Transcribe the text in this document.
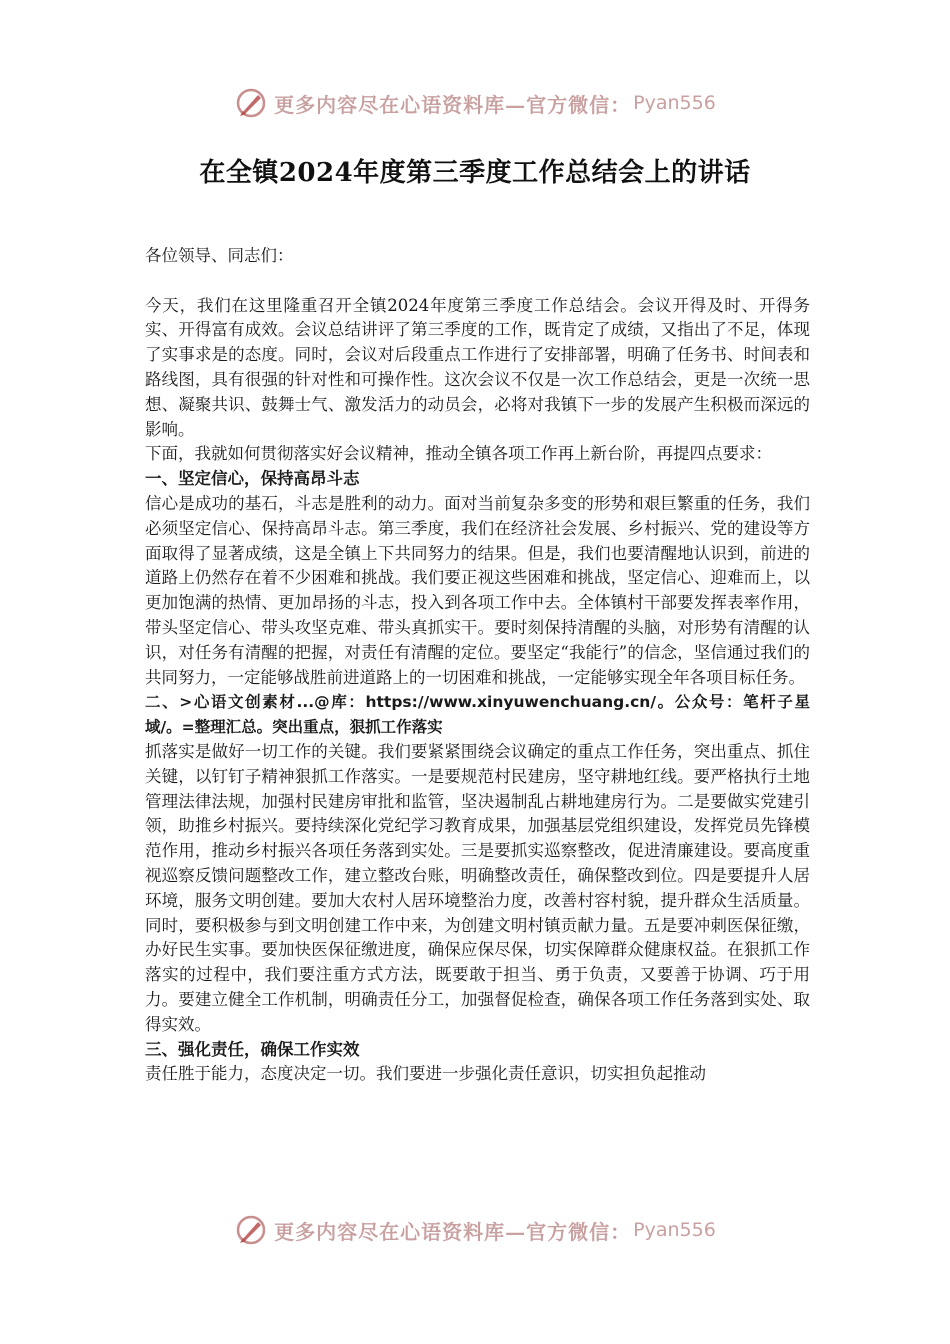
更多内容尽在心语资料库—官方微信： Pyan556
在全镇2024年度第三季度工作总结会上的讲话

各位领导、同志们：

今天，我们在这里隆重召开全镇2024年度第三季度工作总结会。会议开得及时、开得务实、开得富有成效。会议总结讲评了第三季度的工作，既肯定了成绩，又指出了不足，体现了实事求是的态度。同时，会议对后段重点工作进行了安排部署，明确了任务书、时间表和路线图，具有很强的针对性和可操作性。这次会议不仅是一次工作总结会，更是一次统一思想、凝聚共识、鼓舞士气、激发活力的动员会，必将对我镇下一步的发展产生积极而深远的影响。

下面，我就如何贯彻落实好会议精神，推动全镇各项工作再上新台阶，再提四点要求：

一、坚定信心，保持高昂斗志

信心是成功的基石，斗志是胜利的动力。面对当前复杂多变的形势和艰巨繁重的任务，我们必须坚定信心、保持高昂斗志。第三季度，我们在经济社会发展、乡村振兴、党的建设等方面取得了显著成绩，这是全镇上下共同努力的结果。但是，我们也要清醒地认识到，前进的道路上仍然存在着不少困难和挑战。我们要正视这些困难和挑战，坚定信心、迎难而上，以更加饱满的热情、更加昂扬的斗志，投入到各项工作中去。全体镇村干部要发挥表率作用，带头坚定信心、带头攻坚克难、带头真抓实干。要时刻保持清醒的头脑，对形势有清醒的认识，对任务有清醒的把握，对责任有清醒的定位。要坚定“我能行”的信念，坚信通过我们的共同努力，一定能够战胜前进道路上的一切困难和挑战，一定能够实现全年各项目标任务。

二、>心语文创素材...@库：https://www.xinyuwenchuang.cn/。公众号：笔杆子星域/。=整理汇总。突出重点，狠抓工作落实

抓落实是做好一切工作的关键。我们要紧紧围绕会议确定的重点工作任务，突出重点、抓住关键，以钉钉子精神狠抓工作落实。一是要规范村民建房，坚守耕地红线。要严格执行土地管理法律法规，加强村民建房审批和监管，坚决遏制乱占耕地建房行为。二是要做实党建引领，助推乡村振兴。要持续深化党纪学习教育成果，加强基层党组织建设，发挥党员先锋模范作用，推动乡村振兴各项任务落到实处。三是要抓实巡察整改，促进清廉建设。要高度重视巡察反馈问题整改工作，建立整改台账，明确整改责任，确保整改到位。四是要提升人居环境，服务文明创建。要加大农村人居环境整治力度，改善村容村貌，提升群众生活质量。同时，要积极参与到文明创建工作中来，为创建文明村镇贡献力量。五是要冲刺医保征缴，办好民生实事。要加快医保征缴进度，确保应保尽保，切实保障群众健康权益。在狠抓工作落实的过程中，我们要注重方式方法，既要敢于担当、勇于负责，又要善于协调、巧于用力。要建立健全工作机制，明确责任分工，加强督促检查，确保各项工作任务落到实处、取得实效。

三、强化责任，确保工作实效

责任胜于能力，态度决定一切。我们要进一步强化责任意识，切实担负起推动

更多内容尽在心语资料库—官方微信： Pyan556
